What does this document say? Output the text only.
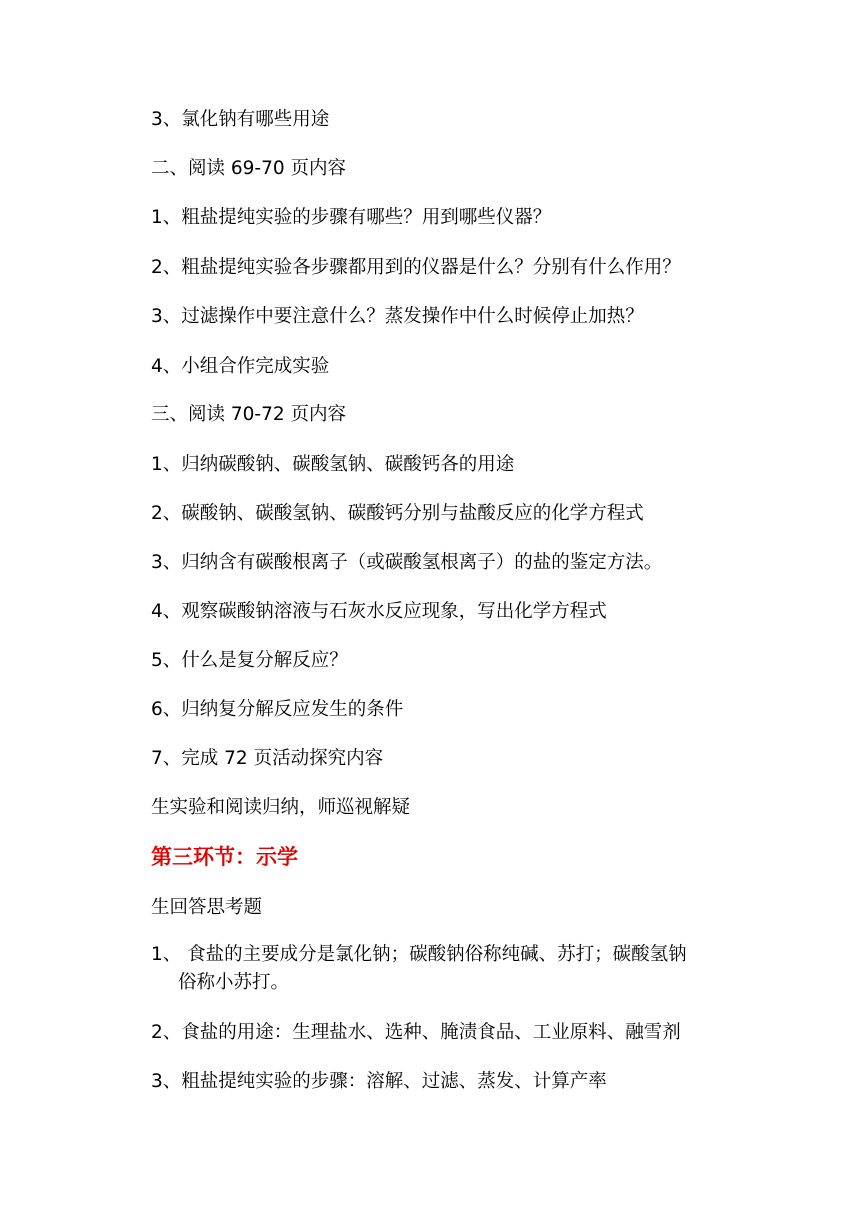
3、氯化钠有哪些用途
二、阅读 69-70 页内容
1、粗盐提纯实验的步骤有哪些？用到哪些仪器？
2、粗盐提纯实验各步骤都用到的仪器是什么？分别有什么作用？
3、过滤操作中要注意什么？蒸发操作中什么时候停止加热？
4、小组合作完成实验
三、阅读 70-72 页内容
1、归纳碳酸钠、碳酸氢钠、碳酸钙各的用途
2、碳酸钠、碳酸氢钠、碳酸钙分别与盐酸反应的化学方程式
3、归纳含有碳酸根离子（或碳酸氢根离子）的盐的鉴定方法。
4、观察碳酸钠溶液与石灰水反应现象，写出化学方程式
5、什么是复分解反应？
6、归纳复分解反应发生的条件
7、完成 72 页活动探究内容
生实验和阅读归纳，师巡视解疑
第三环节：示学
生回答思考题
1、 食盐的主要成分是氯化钠；碳酸钠俗称纯碱、苏打；碳酸氢钠
俗称小苏打。
2、食盐的用途：生理盐水、选种、腌渍食品、工业原料、融雪剂
3、粗盐提纯实验的步骤：溶解、过滤、蒸发、计算产率
